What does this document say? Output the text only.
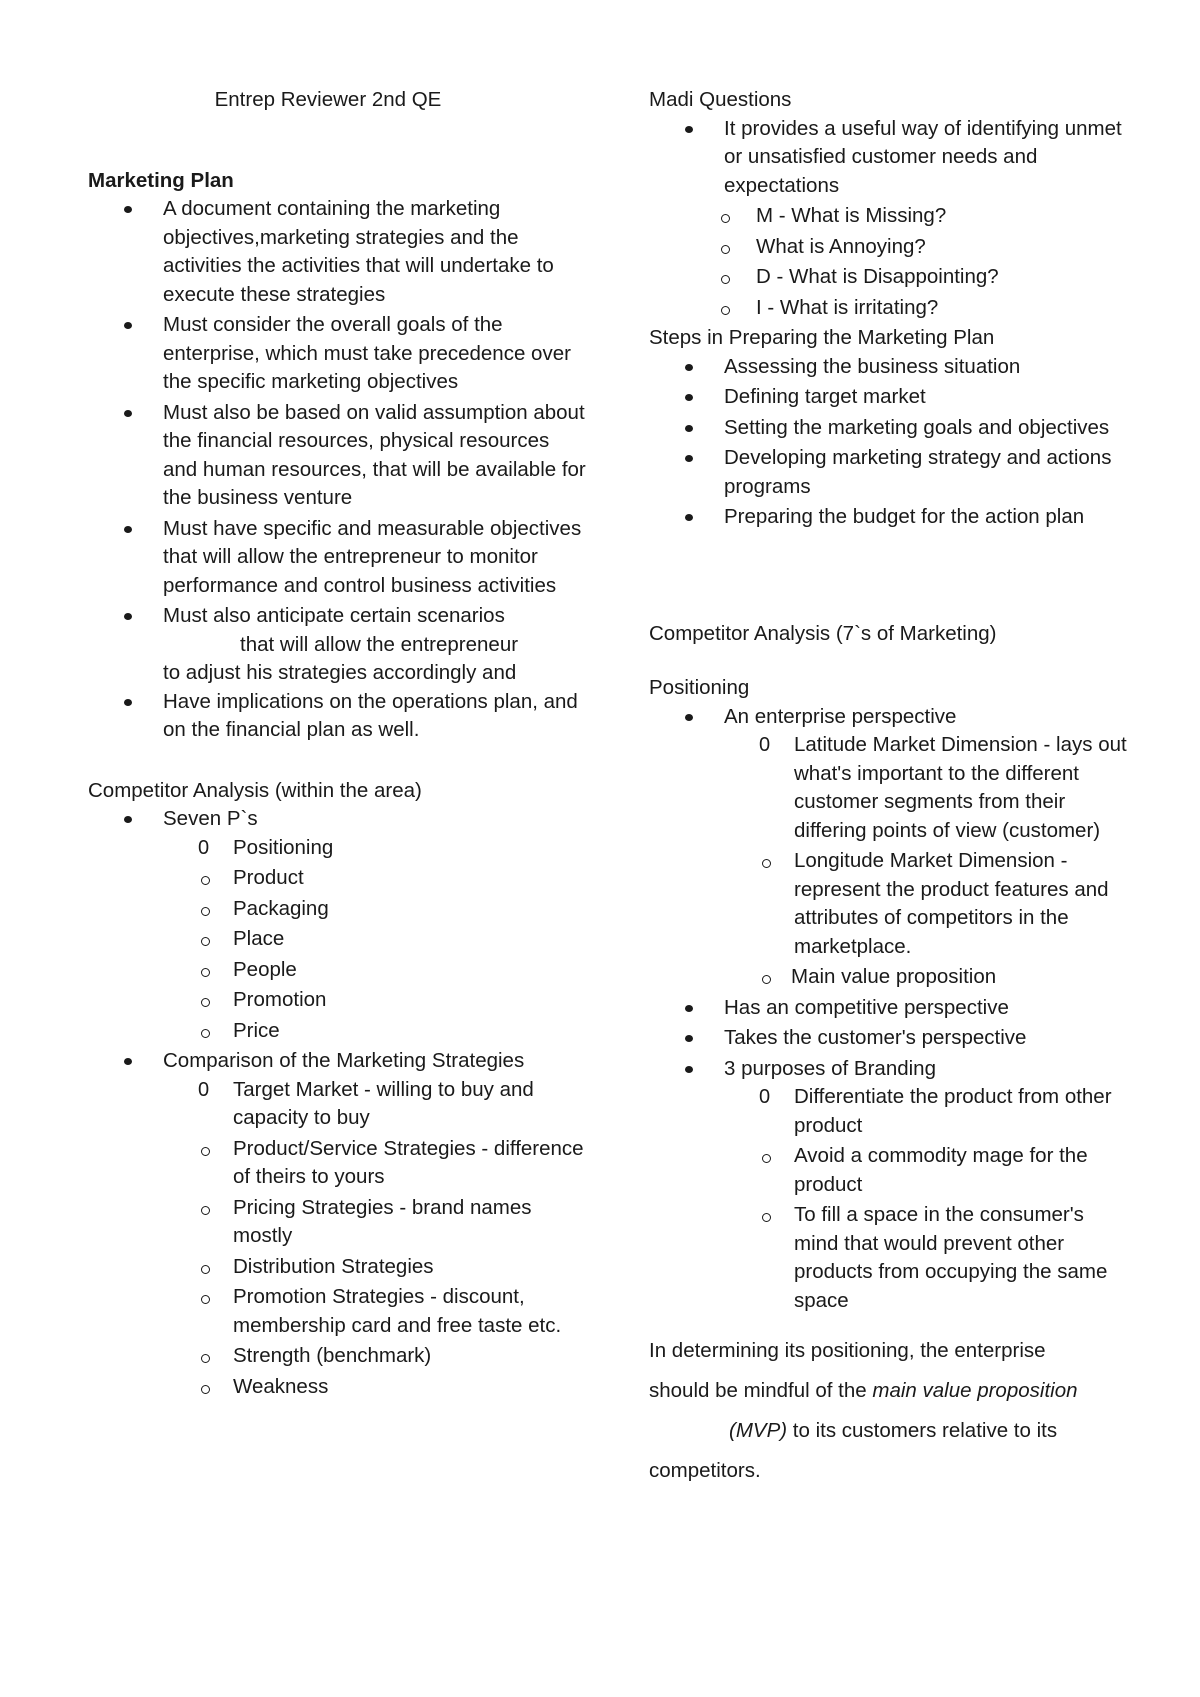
Entrep Reviewer 2nd QE

Marketing Plan

A document containing the marketing objectives,marketing strategies and the activities the activities that will undertake to execute these strategies
Must consider the overall goals of the enterprise, which must take precedence over the specific marketing objectives
Must also be based on valid assumption about the financial resources, physical resources and human resources, that will be available for the business venture
Must have specific and measurable objectives that will allow the entrepreneur to monitor performance and control business activities
Must also anticipate certain scenarios
that will allow the entrepreneur
to adjust his strategies accordingly and
Have implications on the operations plan, and on the financial plan as well.

Competitor Analysis (within the area)

Seven P`s
0 Positioning
Product
Packaging
Place
People
Promotion
Price
Comparison of the Marketing Strategies
0 Target Market - willing to buy and capacity to buy
Product/Service Strategies - difference of theirs to yours
Pricing Strategies - brand names mostly
Distribution Strategies
Promotion Strategies - discount, membership card and free taste etc.
Strength (benchmark)
Weakness

Madi Questions

It provides a useful way of identifying unmet or unsatisfied customer needs and expectations
M - What is Missing?
What is Annoying?
D - What is Disappointing?
I - What is irritating?

Steps in Preparing the Marketing Plan

Assessing the business situation
Defining target market
Setting the marketing goals and objectives
Developing marketing strategy and actions programs
Preparing the budget for the action plan

Competitor Analysis (7`s of Marketing)

Positioning

An enterprise perspective
0 Latitude Market Dimension - lays out what's important to the different customer segments from their differing points of view (customer)
Longitude Market Dimension - represent the product features and attributes of competitors in the marketplace.
Main value proposition
Has an competitive perspective
Takes the customer's perspective
3 purposes of Branding
0 Differentiate the product from other product
Avoid a commodity mage for the product
To fill a space in the consumer's mind that would prevent other products from occupying the same space

In determining its positioning, the enterprise

should be mindful of the main value proposition

(MVP) to its customers relative to its

competitors.
